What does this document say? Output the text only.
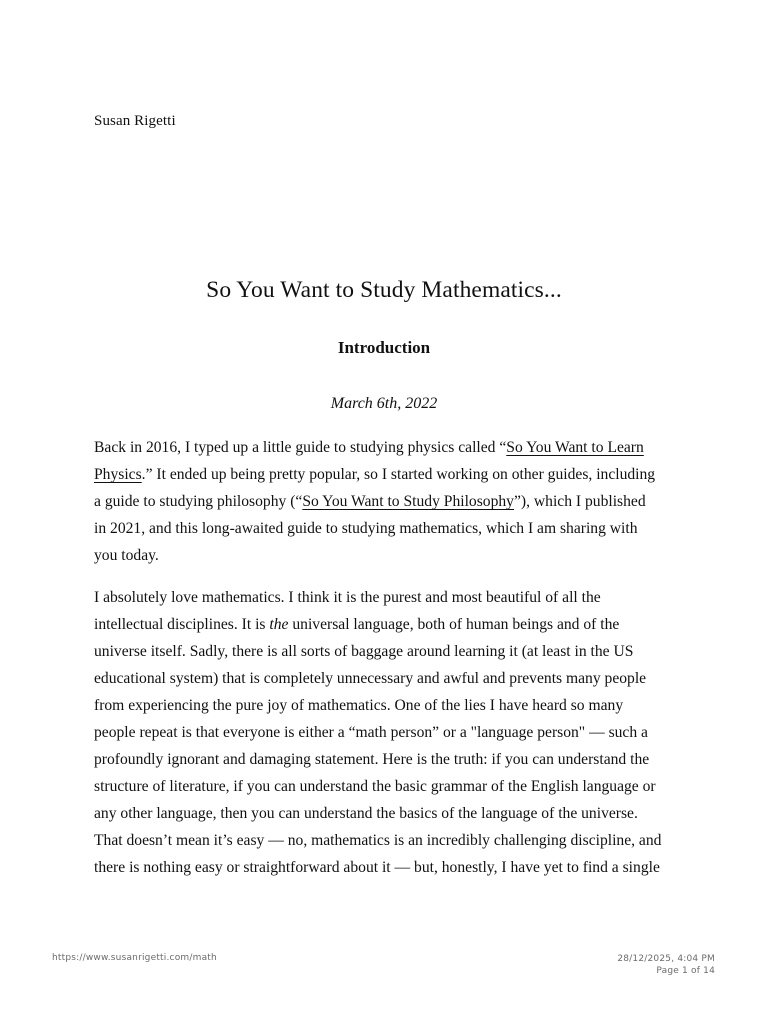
Susan Rigetti
So You Want to Study Mathematics...
Introduction
March 6th, 2022

Back in 2016, I typed up a little guide to studying physics called “So You Want to Learn
Physics.” It ended up being pretty popular, so I started working on other guides, including
a guide to studying philosophy (“So You Want to Study Philosophy”), which I published
in 2021, and this long-awaited guide to studying mathematics, which I am sharing with
you today.

I absolutely love mathematics. I think it is the purest and most beautiful of all the
intellectual disciplines. It is the universal language, both of human beings and of the
universe itself. Sadly, there is all sorts of baggage around learning it (at least in the US
educational system) that is completely unnecessary and awful and prevents many people
from experiencing the pure joy of mathematics. One of the lies I have heard so many
people repeat is that everyone is either a “math person” or a "language person" — such a
profoundly ignorant and damaging statement. Here is the truth: if you can understand the
structure of literature, if you can understand the basic grammar of the English language or
any other language, then you can understand the basics of the language of the universe.
That doesn’t mean it’s easy — no, mathematics is an incredibly challenging discipline, and
there is nothing easy or straightforward about it — but, honestly, I have yet to find a single

https://www.susanrigetti.com/math	28/12/2025, 4:04 PM
Page 1 of 14
